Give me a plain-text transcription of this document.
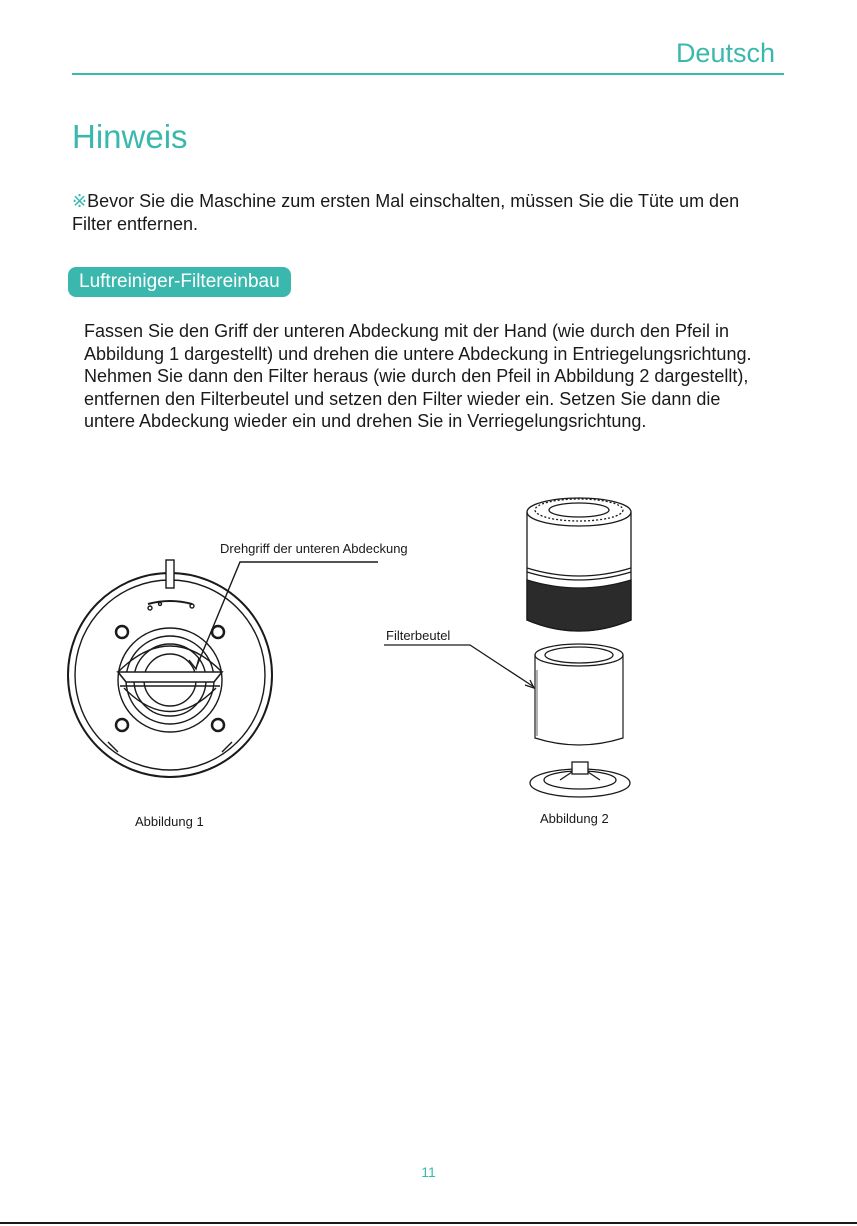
Deutsch
Hinweis

※Bevor Sie die Maschine zum ersten Mal einschalten, müssen Sie die Tüte um den Filter entfernen.

Luftreiniger-Filtereinbau

Fassen Sie den Griff der unteren Abdeckung mit der Hand (wie durch den Pfeil in Abbildung 1 dargestellt) und drehen die untere Abdeckung in Entriegelungsrichtung. Nehmen Sie dann den Filter heraus (wie durch den Pfeil in Abbildung 2 dargestellt), entfernen den Filterbeutel und setzen den Filter wieder ein. Setzen Sie dann die untere Abdeckung wieder ein und drehen Sie in Verriegelungsrichtung.

Drehgriff der unteren Abdeckung
Filterbeutel
Abbildung 1	Abbildung 2
11
